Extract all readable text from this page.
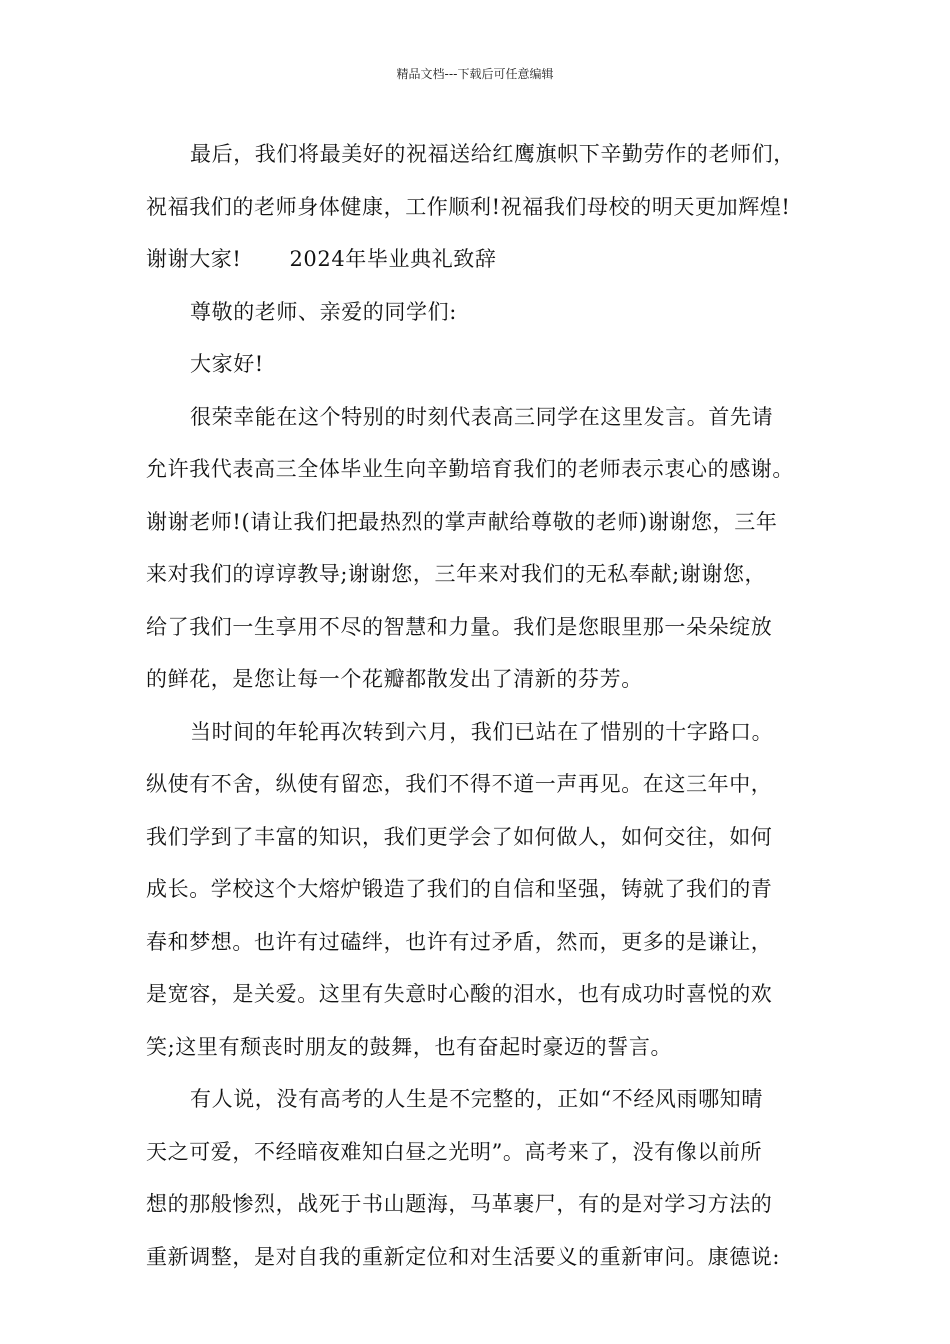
精品文档---下载后可任意编辑
最后，我们将最美好的祝福送给红鹰旗帜下辛勤劳作的老师们，
祝福我们的老师身体健康，工作顺利!祝福我们母校的明天更加辉煌!
谢谢大家! 2024年毕业典礼致辞
尊敬的老师、亲爱的同学们:
大家好!
很荣幸能在这个特别的时刻代表高三同学在这里发言。首先请
允许我代表高三全体毕业生向辛勤培育我们的老师表示衷心的感谢。
谢谢老师!(请让我们把最热烈的掌声献给尊敬的老师)谢谢您，三年
来对我们的谆谆教导;谢谢您，三年来对我们的无私奉献;谢谢您，
给了我们一生享用不尽的智慧和力量。我们是您眼里那一朵朵绽放
的鲜花，是您让每一个花瓣都散发出了清新的芬芳。
当时间的年轮再次转到六月，我们已站在了惜别的十字路口。
纵使有不舍，纵使有留恋，我们不得不道一声再见。在这三年中，
我们学到了丰富的知识，我们更学会了如何做人，如何交往，如何
成长。学校这个大熔炉锻造了我们的自信和坚强，铸就了我们的青
春和梦想。也许有过磕绊，也许有过矛盾，然而，更多的是谦让，
是宽容，是关爱。这里有失意时心酸的泪水，也有成功时喜悦的欢
笑;这里有颓丧时朋友的鼓舞，也有奋起时豪迈的誓言。
有人说，没有高考的人生是不完整的，正如“不经风雨哪知晴
天之可爱，不经暗夜难知白昼之光明”。高考来了，没有像以前所
想的那般惨烈，战死于书山题海，马革裹尸，有的是对学习方法的
重新调整，是对自我的重新定位和对生活要义的重新审问。康德说:
